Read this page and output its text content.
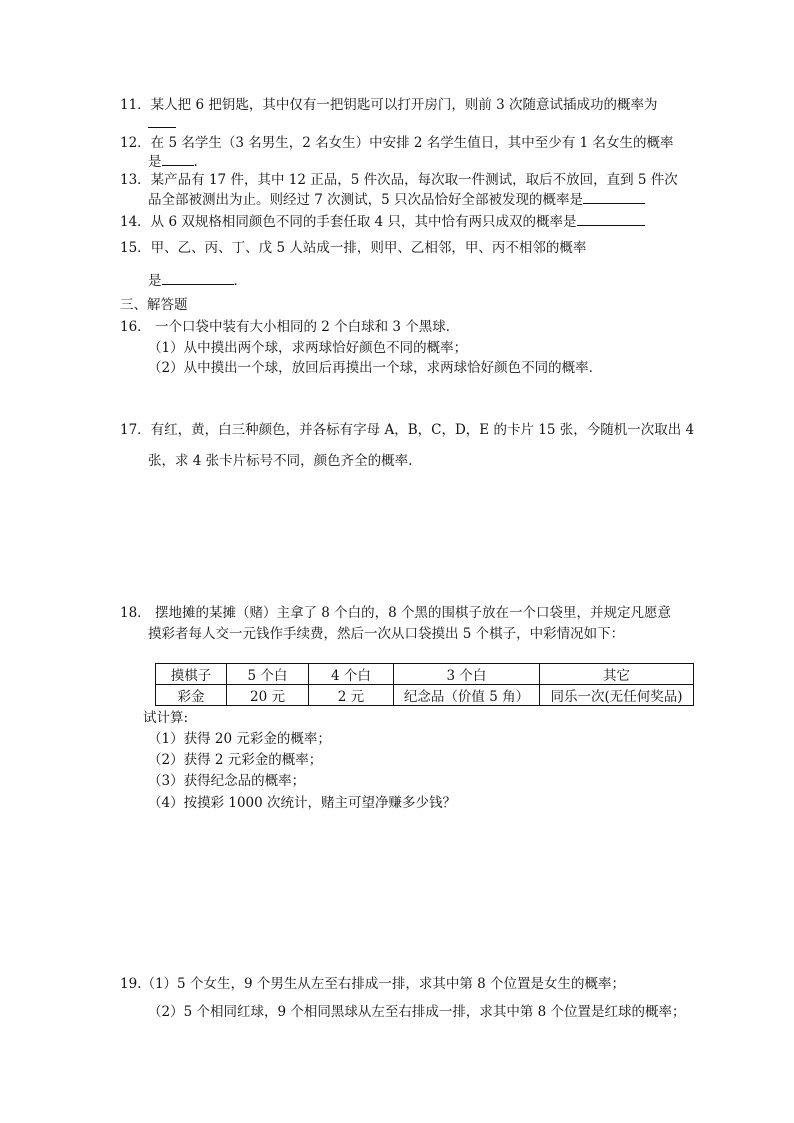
11．某人把 6 把钥匙，其中仅有一把钥匙可以打开房门，则前 3 次随意试插成功的概率为
12．在 5 名学生（3 名男生，2 名女生）中安排 2 名学生值日，其中至少有 1 名女生的概率
是 .
13．某产品有 17 件，其中 12 正品，5 件次品，每次取一件测试，取后不放回，直到 5 件次
品全部被测出为止。则经过 7 次测试，5 只次品恰好全部被发现的概率是
14．从 6 双规格相同颜色不同的手套任取 4 只，其中恰有两只成双的概率是
15．甲、乙、丙、丁、戊 5 人站成一排，则甲、乙相邻，甲、丙不相邻的概率
是	．
三、解答题
16． 一个口袋中装有大小相同的 2 个白球和 3 个黑球．
（1）从中摸出两个球，求两球恰好颜色不同的概率；
（2）从中摸出一个球，放回后再摸出一个球，求两球恰好颜色不同的概率．
17．有红，黄，白三种颜色，并各标有字母 A，B，C，D，E 的卡片 15 张，今随机一次取出 4
张，求 4 张卡片标号不同，颜色齐全的概率.
18． 摆地摊的某摊（赌）主拿了 8 个白的，8 个黑的围棋子放在一个口袋里，并规定凡愿意
摸彩者每人交一元钱作手续费，然后一次从口袋摸出 5 个棋子，中彩情况如下：
摸棋子	5 个白	4 个白	3 个白	其它
彩金	20 元	2 元	纪念品（价值 5 角）	同乐一次(无任何奖品)
试计算:
（1）获得 20 元彩金的概率；
（2）获得 2 元彩金的概率；
（3）获得纪念品的概率；
（4）按摸彩 1000 次统计，赌主可望净赚多少钱？
19.（1）5 个女生，9 个男生从左至右排成一排，求其中第 8 个位置是女生的概率；
（2）5 个相同红球，9 个相同黑球从左至右排成一排，求其中第 8 个位置是红球的概率；
